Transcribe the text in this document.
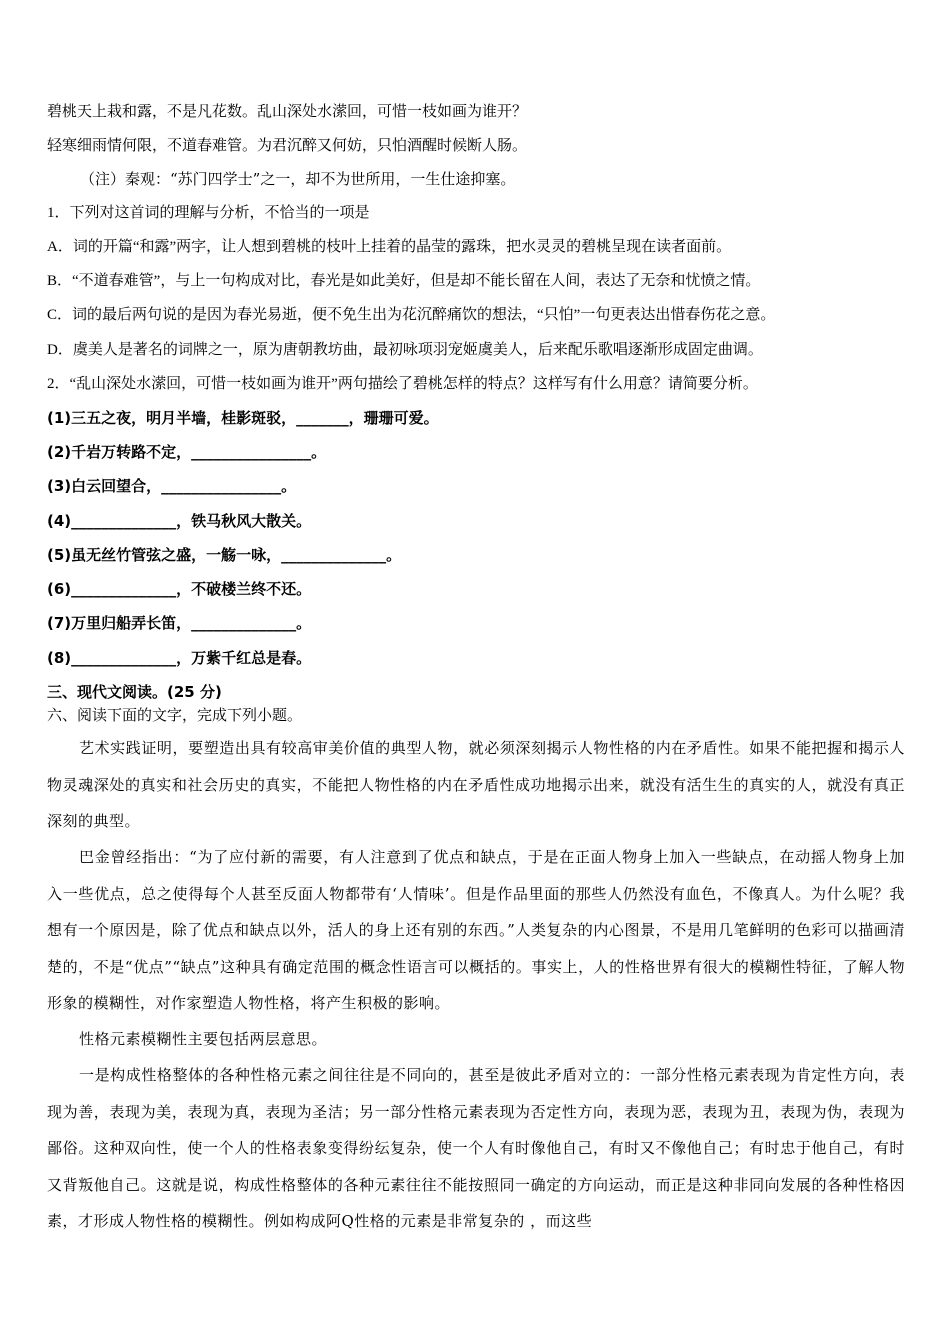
碧桃天上栽和露，不是凡花数。乱山深处水潆回，可惜一枝如画为谁开？
轻寒细雨情何限，不道春难管。为君沉醉又何妨，只怕酒醒时候断人肠。
（注）秦观：“苏门四学士”之一，却不为世所用，一生仕途抑塞。
1．下列对这首词的理解与分析，不恰当的一项是
A．词的开篇“和露”两字，让人想到碧桃的枝叶上挂着的晶莹的露珠，把水灵灵的碧桃呈现在读者面前。
B．“不道春难管”，与上一句构成对比，春光是如此美好，但是却不能长留在人间，表达了无奈和忧愤之情。
C．词的最后两句说的是因为春光易逝，便不免生出为花沉醉痛饮的想法，“只怕”一句更表达出惜春伤花之意。
D．虞美人是著名的词牌之一，原为唐朝教坊曲，最初咏项羽宠姬虞美人，后来配乐歌唱逐渐形成固定曲调。
2．“乱山深处水潆回，可惜一枝如画为谁开”两句描绘了碧桃怎样的特点？这样写有什么用意？请简要分析。
(1)三五之夜，明月半墙，桂影斑驳，_______，珊珊可爱。
(2)千岩万转路不定，________________。
(3)白云回望合，________________。
(4)______________，铁马秋风大散关。
(5)虽无丝竹管弦之盛，一觞一咏，______________。
(6)______________，不破楼兰终不还。
(7)万里归船弄长笛，______________。
(8)______________，万紫千红总是春。
三、现代文阅读。(25 分)
六、阅读下面的文字，完成下列小题。
艺术实践证明，要塑造出具有较高审美价值的典型人物，就必须深刻揭示人物性格的内在矛盾性。如果不能把握和揭示人物灵魂深处的真实和社会历史的真实，不能把人物性格的内在矛盾性成功地揭示出来，就没有活生生的真实的人，就没有真正深刻的典型。
巴金曾经指出：“为了应付新的需要，有人注意到了优点和缺点，于是在正面人物身上加入一些缺点，在动摇人物身上加入一些优点，总之使得每个人甚至反面人物都带有‘人情味’。但是作品里面的那些人仍然没有血色，不像真人。为什么呢？我想有一个原因是，除了优点和缺点以外，活人的身上还有别的东西。”人类复杂的内心图景，不是用几笔鲜明的色彩可以描画清楚的，不是“优点”“缺点”这种具有确定范围的概念性语言可以概括的。事实上，人的性格世界有很大的模糊性特征，了解人物形象的模糊性，对作家塑造人物性格，将产生积极的影响。
性格元素模糊性主要包括两层意思。
一是构成性格整体的各种性格元素之间往往是不同向的，甚至是彼此矛盾对立的：一部分性格元素表现为肯定性方向，表现为善，表现为美，表现为真，表现为圣洁；另一部分性格元素表现为否定性方向，表现为恶，表现为丑，表现为伪，表现为鄙俗。这种双向性，使一个人的性格表象变得纷纭复杂，使一个人有时像他自己，有时又不像他自己；有时忠于他自己，有时又背叛他自己。这就是说，构成性格整体的各种元素往往不能按照同一确定的方向运动，而正是这种非同向发展的各种性格因素，才形成人物性格的模糊性。例如构成阿Q性格的元素是非常复杂的 ，而这些
